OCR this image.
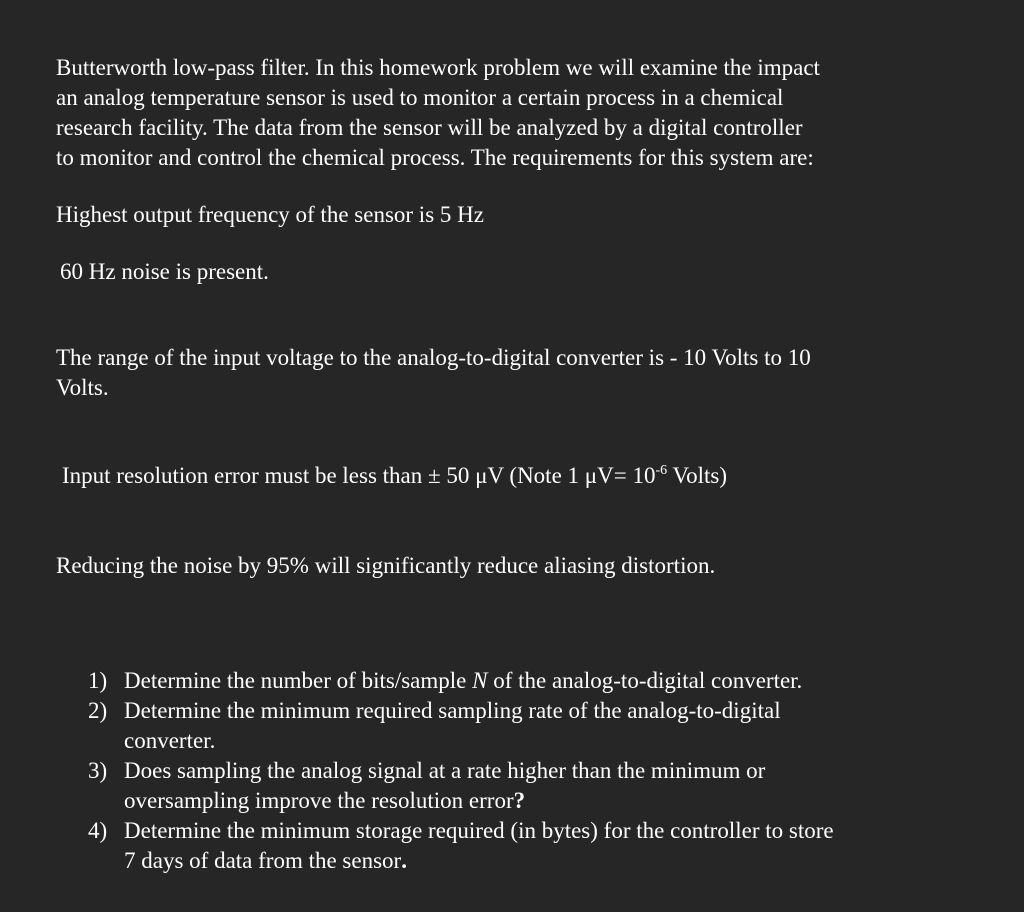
Butterworth low-pass filter. In this homework problem we will examine the impact
an analog temperature sensor is used to monitor a certain process in a chemical
research facility. The data from the sensor will be analyzed by a digital controller
to monitor and control the chemical process. The requirements for this system are:

Highest output frequency of the sensor is 5 Hz

60 Hz noise is present.

The range of the input voltage to the analog-to-digital converter is - 10 Volts to 10
Volts.

Input resolution error must be less than ± 50 μV (Note 1 $\mu V= 10^{-6}$ Volts)

Reducing the noise by 95% will significantly reduce aliasing distortion.

1) Determine the number of bits/sample N of the analog-to-digital converter.
2) Determine the minimum required sampling rate of the analog-to-digital
converter.
3) Does sampling the analog signal at a rate higher than the minimum or
oversampling improve the resolution error?
4) Determine the minimum storage required (in bytes) for the controller to store
7 days of data from the sensor.
